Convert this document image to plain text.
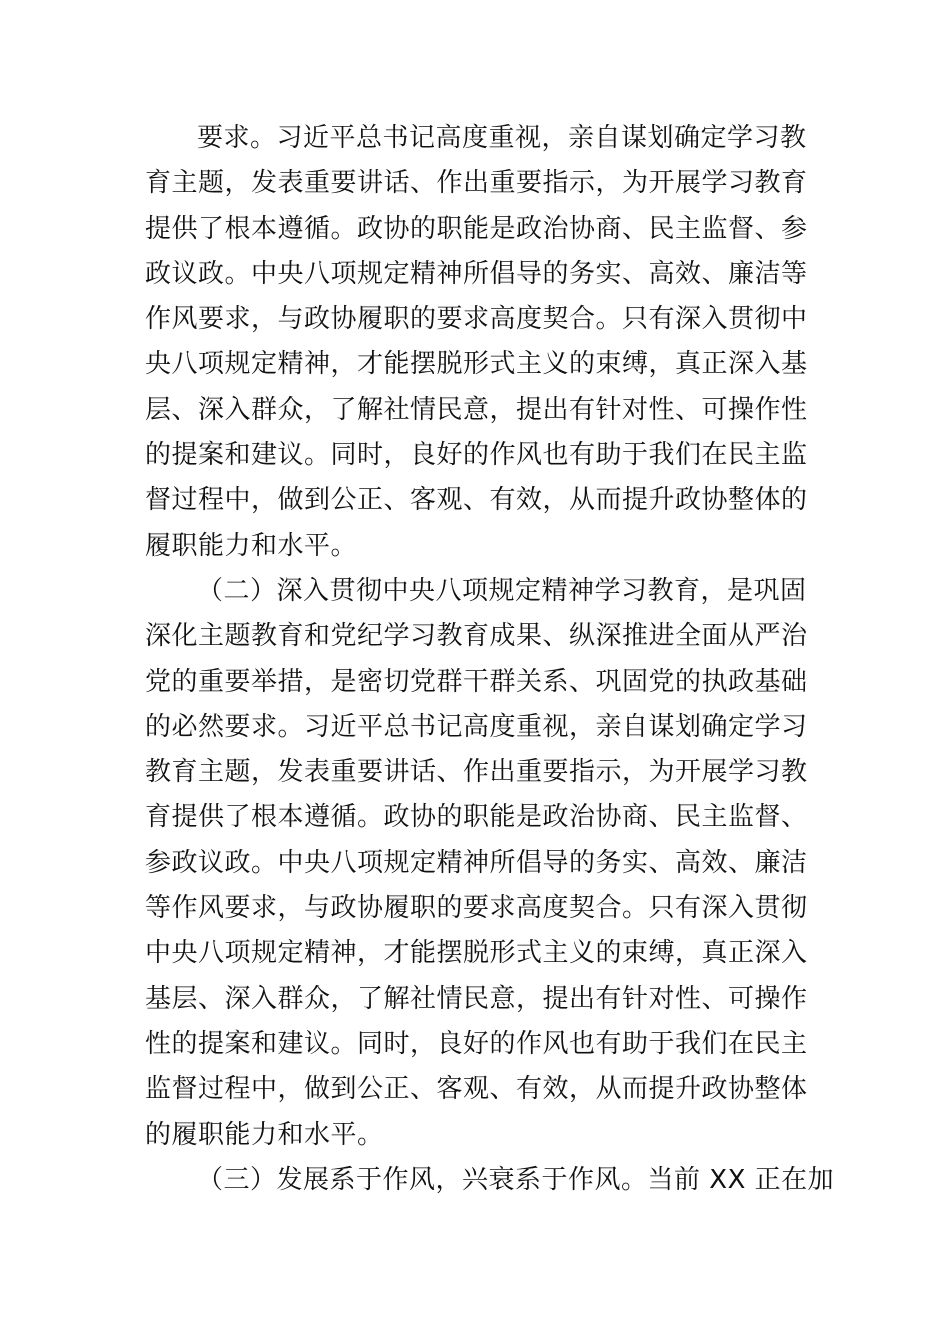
要求。习近平总书记高度重视，亲自谋划确定学习教
育主题，发表重要讲话、作出重要指示，为开展学习教育
提供了根本遵循。政协的职能是政治协商、民主监督、参
政议政。中央八项规定精神所倡导的务实、高效、廉洁等
作风要求，与政协履职的要求高度契合。只有深入贯彻中
央八项规定精神，才能摆脱形式主义的束缚，真正深入基
层、深入群众，了解社情民意，提出有针对性、可操作性
的提案和建议。同时，良好的作风也有助于我们在民主监
督过程中，做到公正、客观、有效，从而提升政协整体的
履职能力和水平。
（二）深入贯彻中央八项规定精神学习教育，是巩固
深化主题教育和党纪学习教育成果、纵深推进全面从严治
党的重要举措，是密切党群干群关系、巩固党的执政基础
的必然要求。习近平总书记高度重视，亲自谋划确定学习
教育主题，发表重要讲话、作出重要指示，为开展学习教
育提供了根本遵循。政协的职能是政治协商、民主监督、
参政议政。中央八项规定精神所倡导的务实、高效、廉洁
等作风要求，与政协履职的要求高度契合。只有深入贯彻
中央八项规定精神，才能摆脱形式主义的束缚，真正深入
基层、深入群众，了解社情民意，提出有针对性、可操作
性的提案和建议。同时，良好的作风也有助于我们在民主
监督过程中，做到公正、客观、有效，从而提升政协整体
的履职能力和水平。
（三）发展系于作风，兴衰系于作风。当前 XX 正在加
